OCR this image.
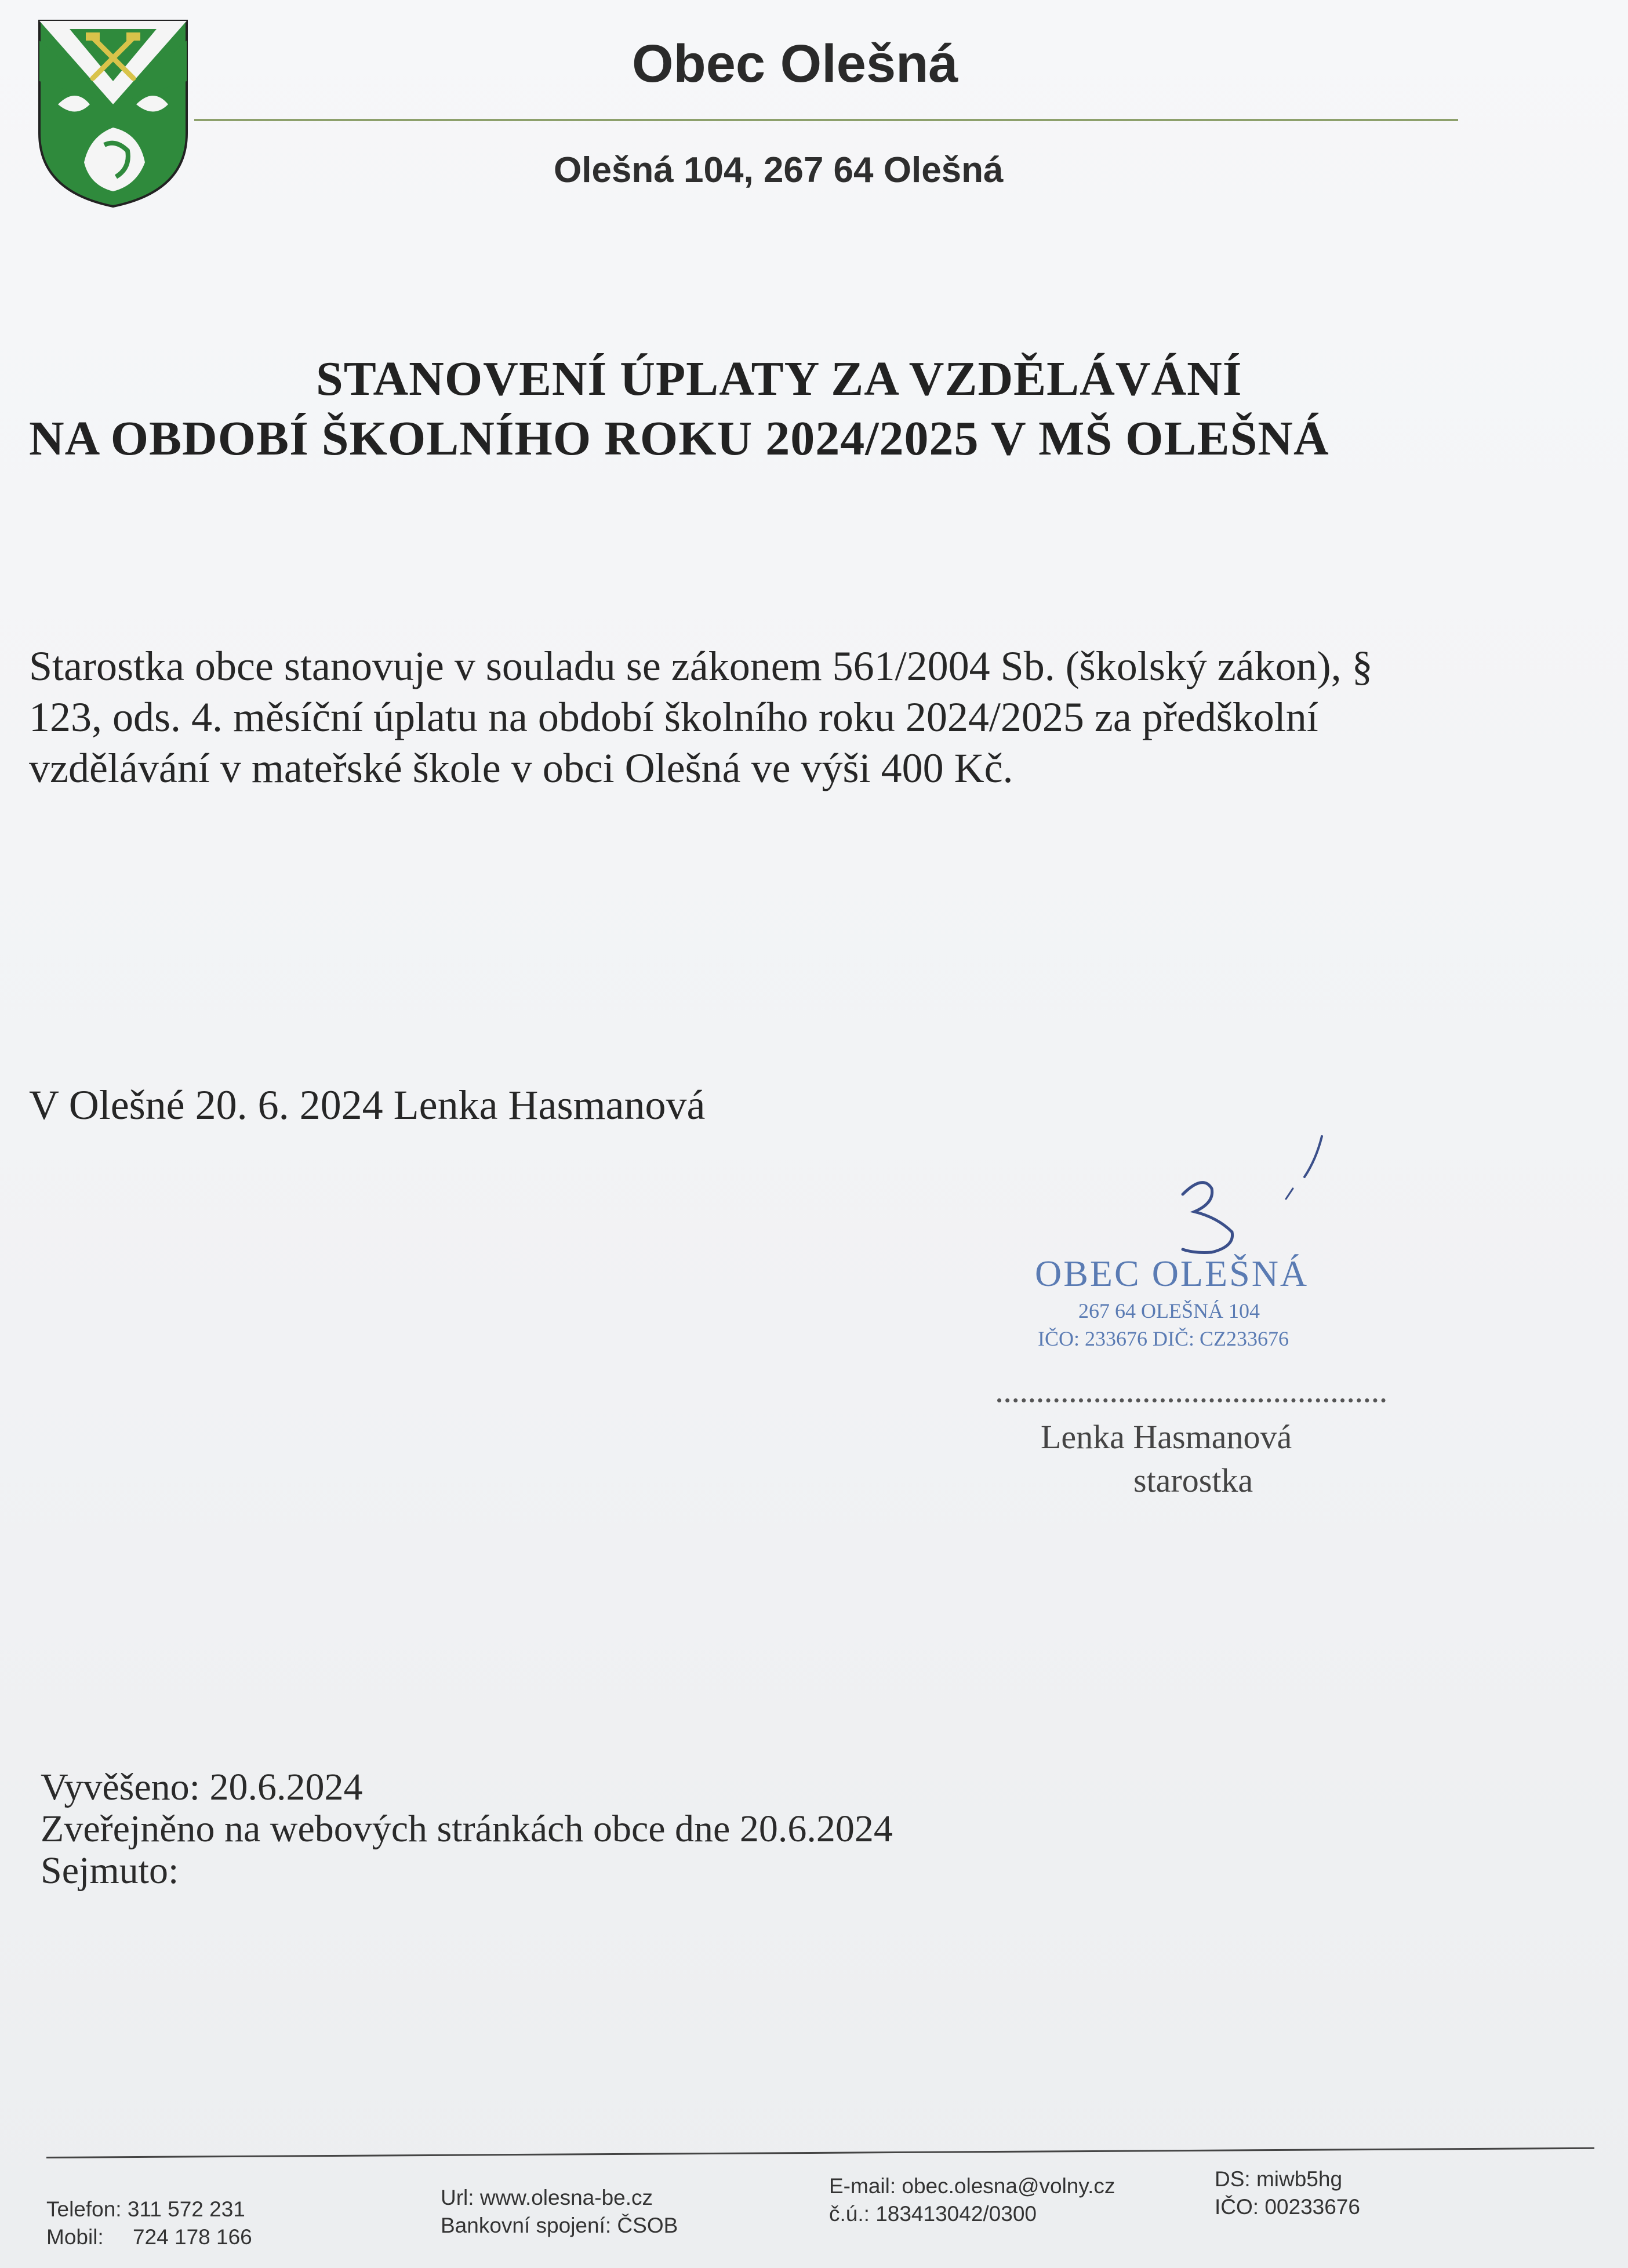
Obec Olešná
Olešná 104, 267 64 Olešná
STANOVENÍ ÚPLATY ZA VZDĚLÁVÁNÍ
NA OBDOBÍ ŠKOLNÍHO ROKU 2024/2025 V MŠ OLEŠNÁ
Starostka obce stanovuje v souladu se zákonem 561/2004 Sb. (školský zákon), §
123, ods. 4. měsíční úplatu na období školního roku 2024/2025 za předškolní
vzdělávání v mateřské škole v obci Olešná ve výši 400 Kč.
V Olešné 20. 6. 2024 Lenka Hasmanová
OBEC OLEŠNÁ
267 64 OLEŠNÁ 104
IČO: 233676 DIČ: CZ233676
Lenka Hasmanová
starostka
Vyvěšeno: 20.6.2024
Zveřejněno na webových stránkách obce dne 20.6.2024
Sejmuto:
Telefon: 311 572 231
Mobil: 724 178 166
Url: www.olesna-be.cz
Bankovní spojení: ČSOB
E-mail: obec.olesna@volny.cz
č.ú.: 183413042/0300
DS: miwb5hg
IČO: 00233676
